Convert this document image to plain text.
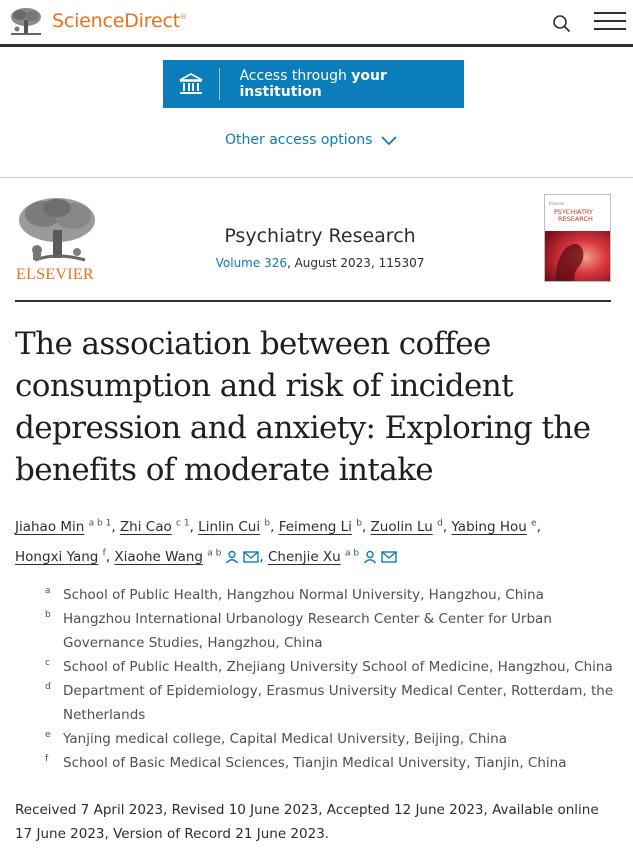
ScienceDirect®
Access through your institution
Other access options
ELSEVIER
Psychiatry Research
Volume 326, August 2023, 115307
Elsevier
PSYCHIATRY
RESEARCH
The association between coffee consumption and risk of incident depression and anxiety: Exploring the benefits of moderate intake
Jiahao Min $^{a b 1}$, Zhi Cao $^{c 1}$, Linlin Cui $^b$, Feimeng Li $^b$, Zuolin Lu $^d$, Yabing Hou $^e$,
Hongxi Yang $^f$, Xiaohe Wang $^{a b}$	, Chenjie Xu $^{a b}$
a School of Public Health, Hangzhou Normal University, Hangzhou, China
b Hangzhou International Urbanology Research Center & Center for Urban Governance Studies, Hangzhou, China
c School of Public Health, Zhejiang University School of Medicine, Hangzhou, China
d Department of Epidemiology, Erasmus University Medical Center, Rotterdam, the Netherlands
e Yanjing medical college, Capital Medical University, Beijing, China
f School of Basic Medical Sciences, Tianjin Medical University, Tianjin, China

Received 7 April 2023, Revised 10 June 2023, Accepted 12 June 2023, Available online 17 June 2023, Version of Record 21 June 2023.
